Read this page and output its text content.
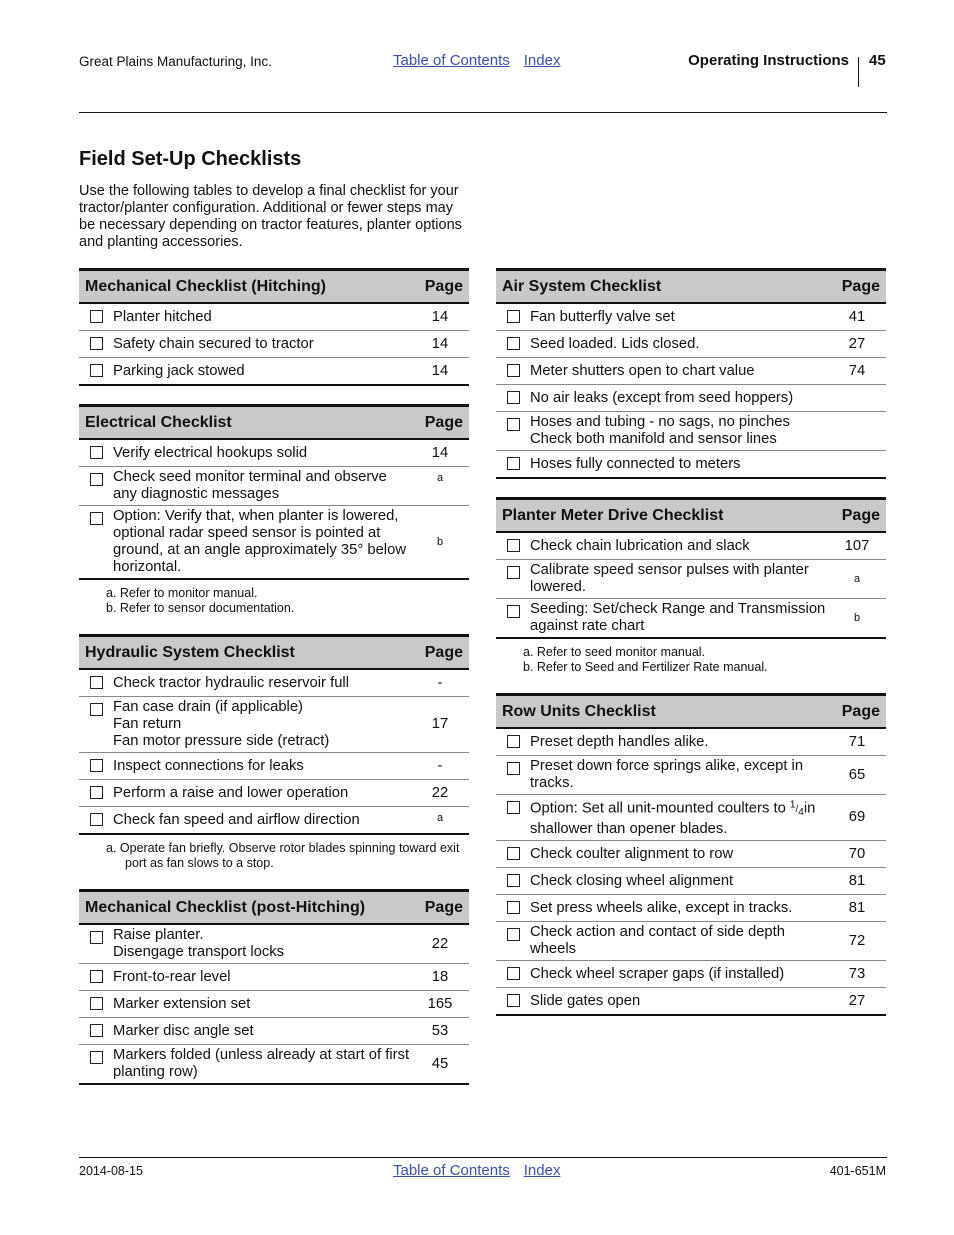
Great Plains Manufacturing, Inc.	Table of Contents Index	Operating Instructions 45
Field Set-Up Checklists

Use the following tables to develop a final checklist for your tractor/planter configuration. Additional or fewer steps may be necessary depending on tractor features, planter options and planting accessories.

Mechanical Checklist (Hitching)		Page
	Planter hitched	14
	Safety chain secured to tractor	14
	Parking jack stowed	14
Electrical Checklist		Page
	Verify electrical hookups solid	14
	Check seed monitor terminal and observe any diagnostic messages	a
	Option: Verify that, when planter is lowered, optional radar speed sensor is pointed at ground, at an angle approximately 35° below horizontal.	b
a. Refer to monitor manual.
b. Refer to sensor documentation.
Hydraulic System Checklist		Page
	Check tractor hydraulic reservoir full	-

	Fan case drain (if applicable)
Fan return
Fan motor pressure side (retract)	17
	Inspect connections for leaks	-
	Perform a raise and lower operation	22
	Check fan speed and airflow direction	a
a. Operate fan briefly. Observe rotor blades spinning toward exit port as fan slows to a stop.
Mechanical Checklist (post-Hitching)		Page

	Raise planter.
Disengage transport locks	22
	Front-to-rear level	18
	Marker extension set	165
	Marker disc angle set	53
	Markers folded (unless already at start of first planting row)	45
Air System Checklist		Page
	Fan butterfly valve set	41
	Seed loaded. Lids closed.	27
	Meter shutters open to chart value	74
	No air leaks (except from seed hoppers)	

	Hoses and tubing - no sags, no pinches
Check both manifold and sensor lines	

	Hoses fully connected to meters	
Planter Meter Drive Checklist		Page
	Check chain lubrication and slack	107
	Calibrate speed sensor pulses with planter lowered.	a
	Seeding: Set/check Range and Transmission against rate chart	b
a. Refer to seed monitor manual.
b. Refer to Seed and Fertilizer Rate manual.
Row Units Checklist		Page
	Preset depth handles alike.	71
	Preset down force springs alike, except in tracks.	65
	Option: Set all unit-mounted coulters to 1/4in shallower than opener blades.	69
	Check coulter alignment to row	70
	Check closing wheel alignment	81
	Set press wheels alike, except in tracks.	81
	Check action and contact of side depth wheels	72
	Check wheel scraper gaps (if installed)	73
	Slide gates open	27
2014-08-15	Table of Contents Index	401-651M
